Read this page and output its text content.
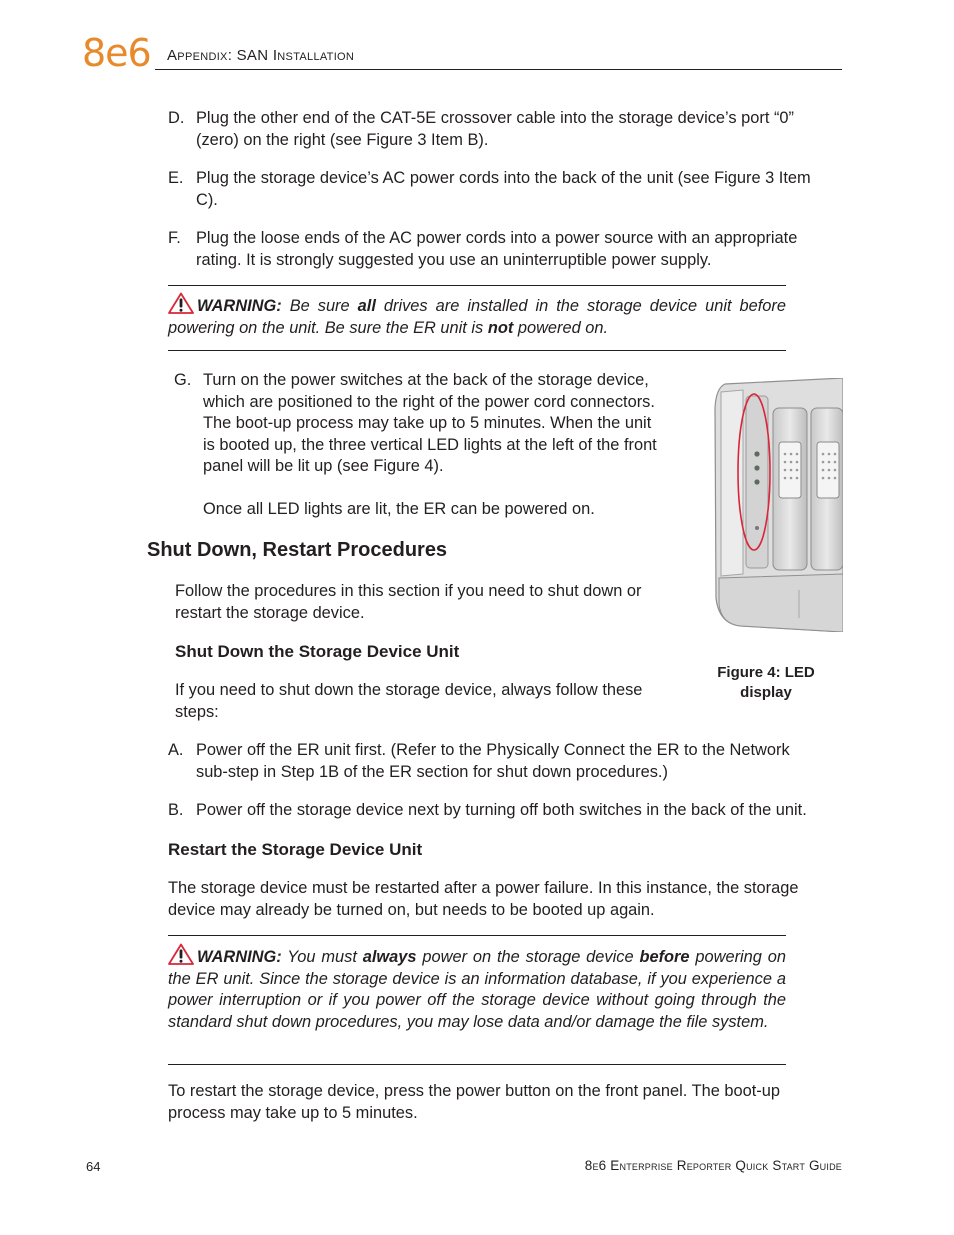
8e6 Appendix: SAN Installation
D. Plug the other end of the CAT-5E crossover cable into the storage device’s port “0”
(zero) on the right (see Figure 3 Item B).
E. Plug the storage device’s AC power cords into the back of the unit (see Figure 3 Item
C).
F. Plug the loose ends of the AC power cords into a power source with an appropriate
rating. It is strongly suggested you use an uninterruptible power supply.
WARNING: Be sure all drives are installed in the storage device unit before powering on the unit. Be sure the ER unit is not powered on.
G. Turn on the power switches at the back of the storage device,
which are positioned to the right of the power cord connectors.
The boot-up process may take up to 5 minutes. When the unit
is booted up, the three vertical LED lights at the left of the front
panel will be lit up (see Figure 4).
Once all LED lights are lit, the ER can be powered on.
Figure 4: LED
display
Shut Down, Restart Procedures
Follow the procedures in this section if you need to shut down or
restart the storage device.
Shut Down the Storage Device Unit
If you need to shut down the storage device, always follow these
steps:
A. Power off the ER unit first. (Refer to the Physically Connect the ER to the Network
sub-step in Step 1B of the ER section for shut down procedures.)
B. Power off the storage device next by turning off both switches in the back of the unit.
Restart the Storage Device Unit
The storage device must be restarted after a power failure. In this instance, the storage
device may already be turned on, but needs to be booted up again.
WARNING: You must always power on the storage device before powering on the ER unit. Since the storage device is an information database, if you experience a power interruption or if you power off the storage device without going through the standard shut down procedures, you may lose data and/or damage the file system.
To restart the storage device, press the power button on the front panel. The boot-up
process may take up to 5 minutes.
64	8e6 Enterprise Reporter Quick Start Guide
